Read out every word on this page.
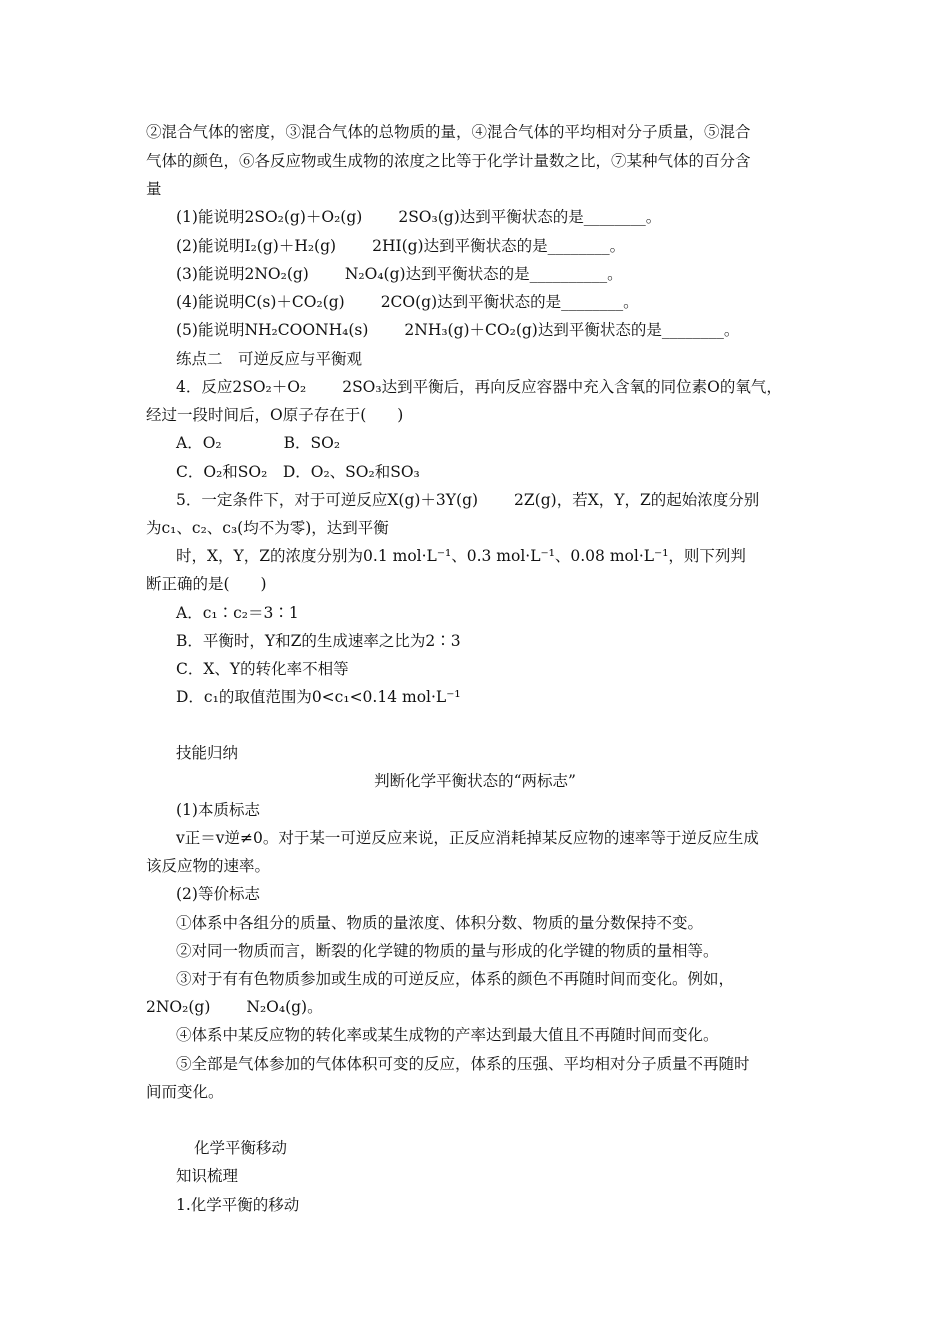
②混合气体的密度，③混合气体的总物质的量，④混合气体的平均相对分子质量，⑤混合
气体的颜色，⑥各反应物或生成物的浓度之比等于化学计量数之比，⑦某种气体的百分含
量
(1)能说明2SO₂(g)＋O₂(g) 2SO₃(g)达到平衡状态的是________。
(2)能说明I₂(g)＋H₂(g) 2HI(g)达到平衡状态的是________。
(3)能说明2NO₂(g) N₂O₄(g)达到平衡状态的是__________。
(4)能说明C(s)＋CO₂(g) 2CO(g)达到平衡状态的是________。
(5)能说明NH₂COONH₄(s) 2NH₃(g)＋CO₂(g)达到平衡状态的是________。
练点二　可逆反应与平衡观
4．反应2SO₂＋O₂ 2SO₃达到平衡后，再向反应容器中充入含氧的同位素O的氧气，
经过一段时间后，O原子存在于(　　)
A．O₂　　　　B．SO₂
C．O₂和SO₂　D．O₂、SO₂和SO₃
5．一定条件下，对于可逆反应X(g)＋3Y(g) 2Z(g)，若X，Y，Z的起始浓度分别
为c₁、c₂、c₃(均不为零)，达到平衡
时，X，Y，Z的浓度分别为0.1 mol·L⁻¹、0.3 mol·L⁻¹、0.08 mol·L⁻¹，则下列判
断正确的是(　　)
A．c₁∶c₂＝3∶1
B．平衡时，Y和Z的生成速率之比为2∶3
C．X、Y的转化率不相等
D．c₁的取值范围为0<c₁<0.14 mol·L⁻¹
技能归纳
判断化学平衡状态的“两标志”
(1)本质标志
v正＝v逆≠0。对于某一可逆反应来说，正反应消耗掉某反应物的速率等于逆反应生成
该反应物的速率。
(2)等价标志
①体系中各组分的质量、物质的量浓度、体积分数、物质的量分数保持不变。
②对同一物质而言，断裂的化学键的物质的量与形成的化学键的物质的量相等。
③对于有有色物质参加或生成的可逆反应，体系的颜色不再随时间而变化。例如，
2NO₂(g) N₂O₄(g)。
④体系中某反应物的转化率或某生成物的产率达到最大值且不再随时间而变化。
⑤全部是气体参加的气体体积可变的反应，体系的压强、平均相对分子质量不再随时
间而变化。
化学平衡移动
知识梳理
1.化学平衡的移动
